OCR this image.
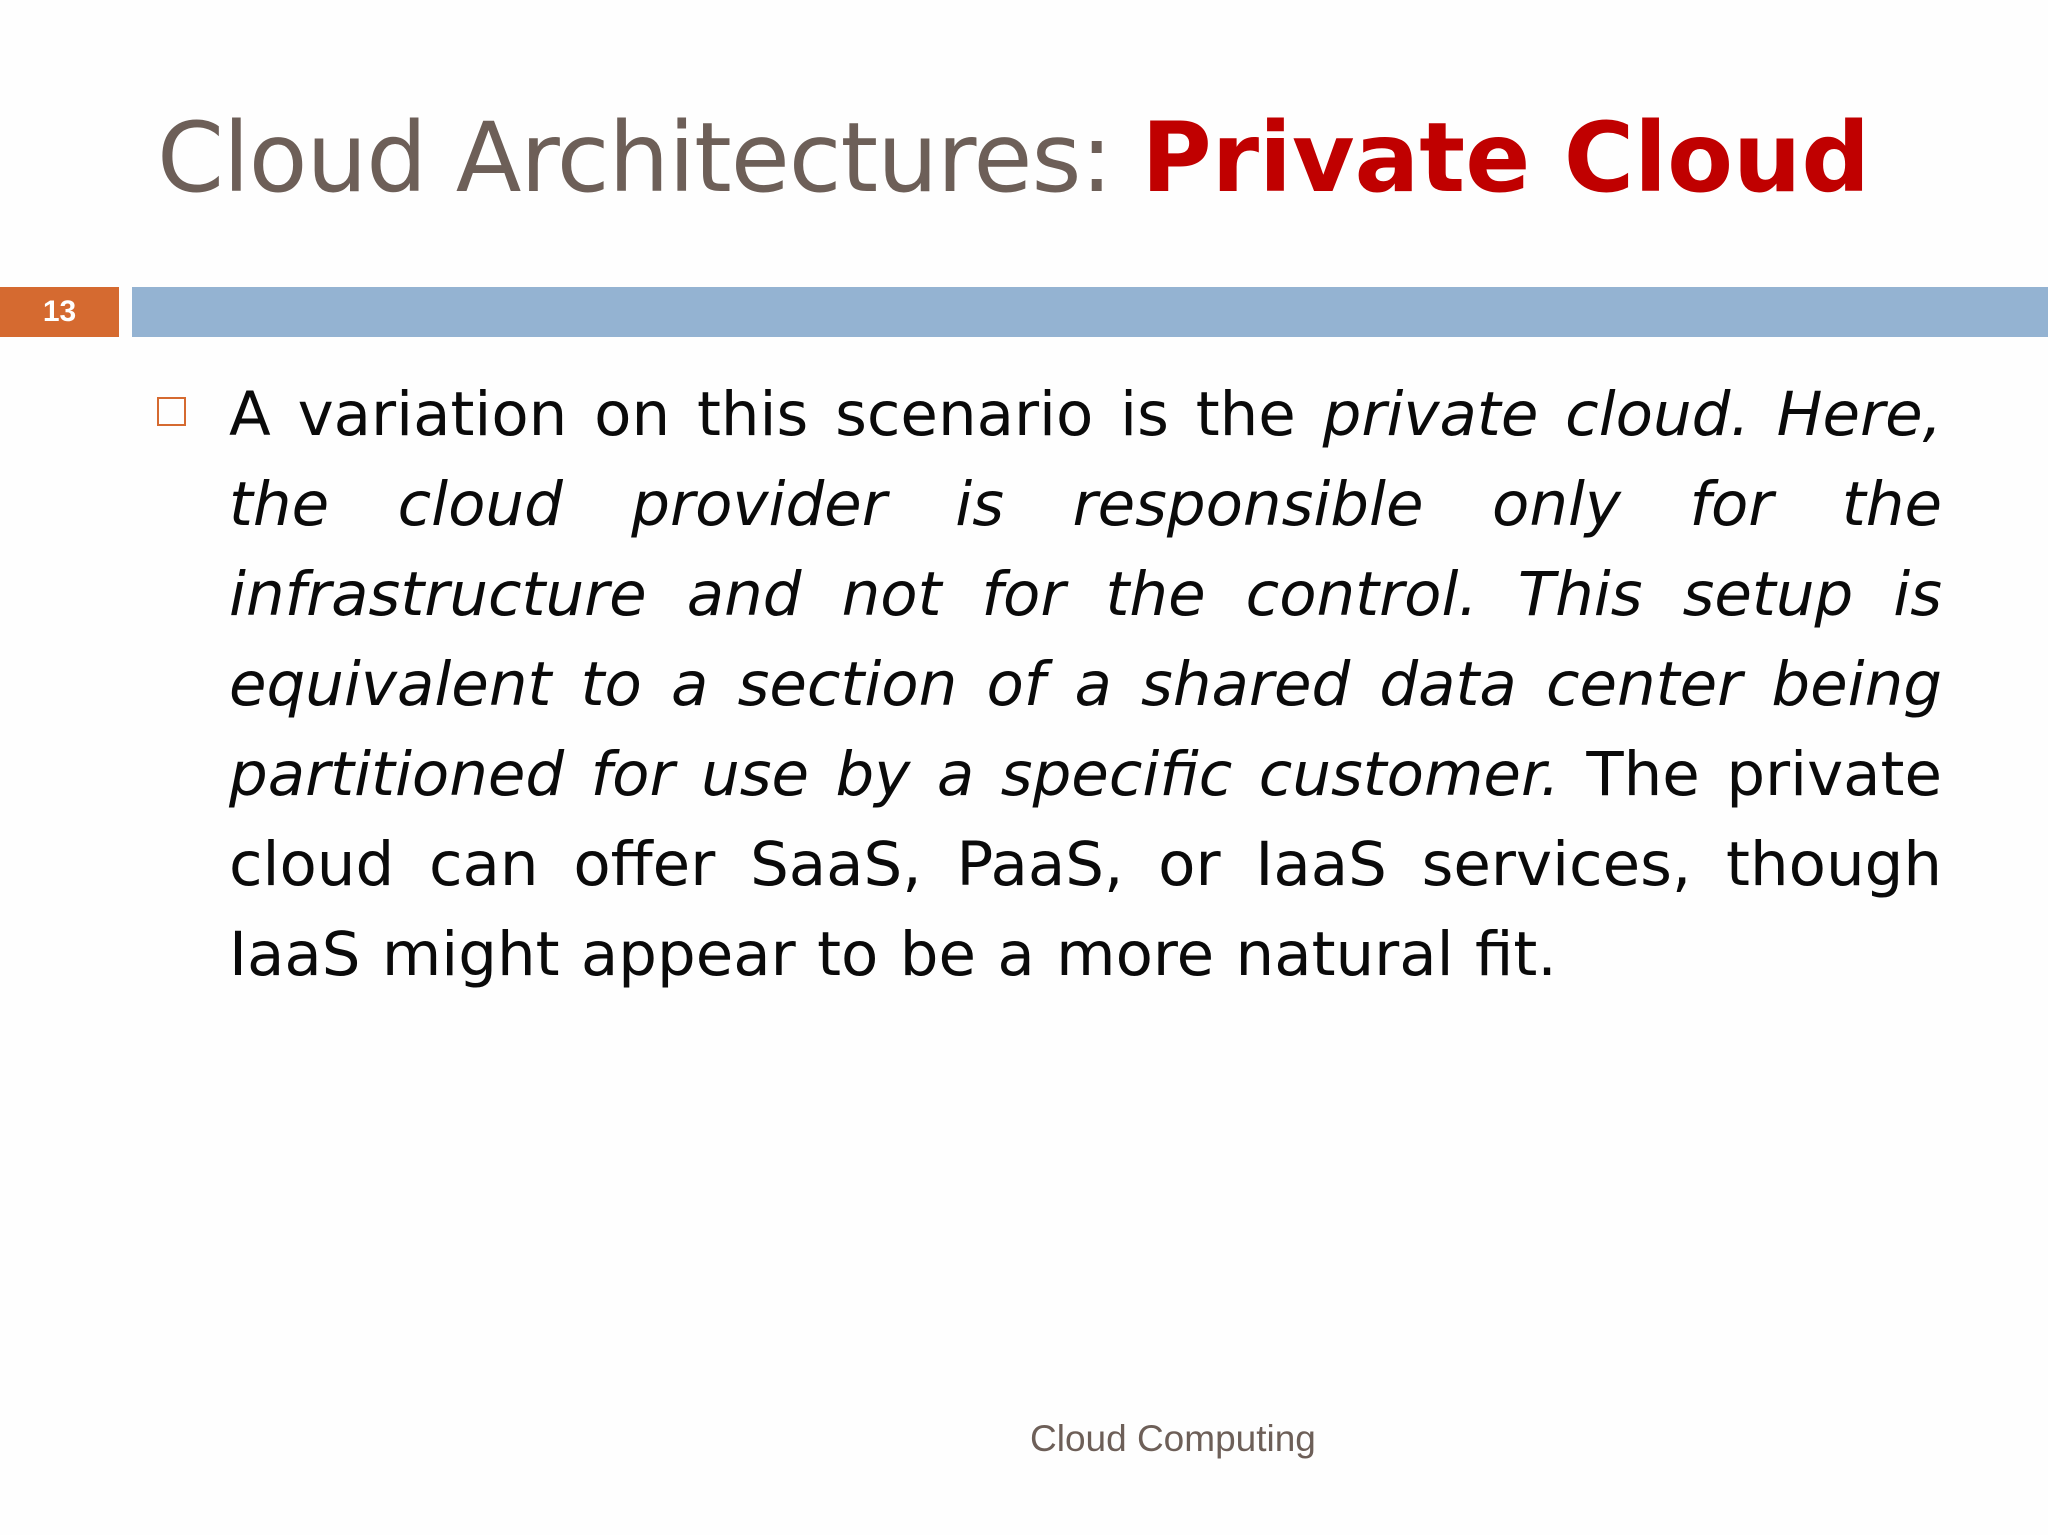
Cloud Architectures: Private Cloud
13

A variation on this scenario is the private cloud. Here, the cloud provider is responsible only for the infrastructure and not for the control. This setup is equivalent to a section of a shared data center being partitioned for use by a specific customer. The private cloud can offer SaaS, PaaS, or IaaS services, though IaaS might appear to be a more natural fit.

Cloud Computing
